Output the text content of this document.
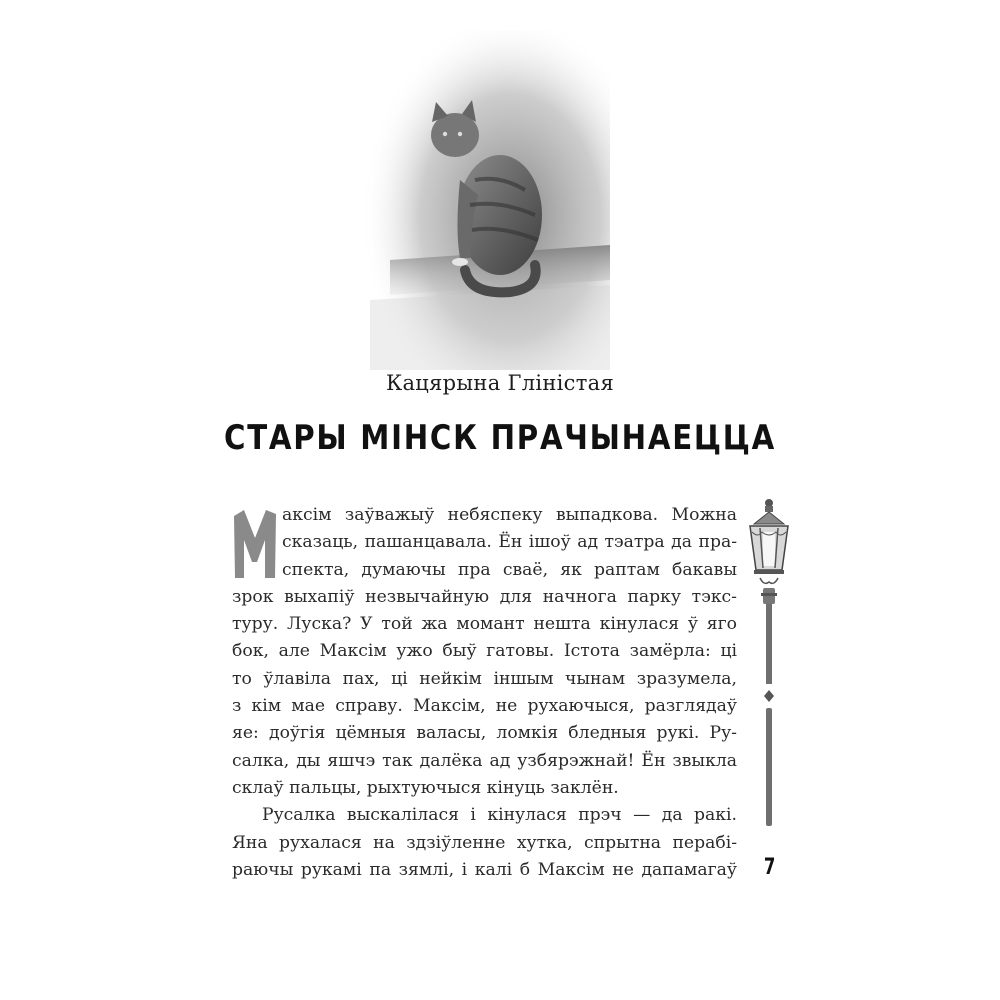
Кацярына Гліністая
СТАРЫ МІНСК ПРАЧЫНАЕЦЦА
аксім заўважыў небяспеку выпадкова. Можна
сказаць, пашанцавала. Ён ішоў ад тэатра да пра-
спекта, думаючы пра сваё, як раптам бакавы
зрок выхапіў незвычайную для начнога парку тэкс-
туру. Луска? У той жа момант нешта кінулася ў яго
бок, але Максім ужо быў гатовы. Істота замёрла: ці
то ўлавіла пах, ці нейкім іншым чынам зразумела,
з кім мае справу. Максім, не рухаючыся, разглядаў
яе: доўгія цёмныя валасы, ломкія бледныя рукі. Ру-
салка, ды яшчэ так далёка ад узбярэжнай! Ён звыкла
склаў пальцы, рыхтуючыся кінуць заклён.
Русалка выскалілася і кінулася прэч — да ракі.
Яна рухалася на здзіўленне хутка, спрытна перабі-
раючы рукамі па зямлі, і калі б Максім не дапамагаў 7
